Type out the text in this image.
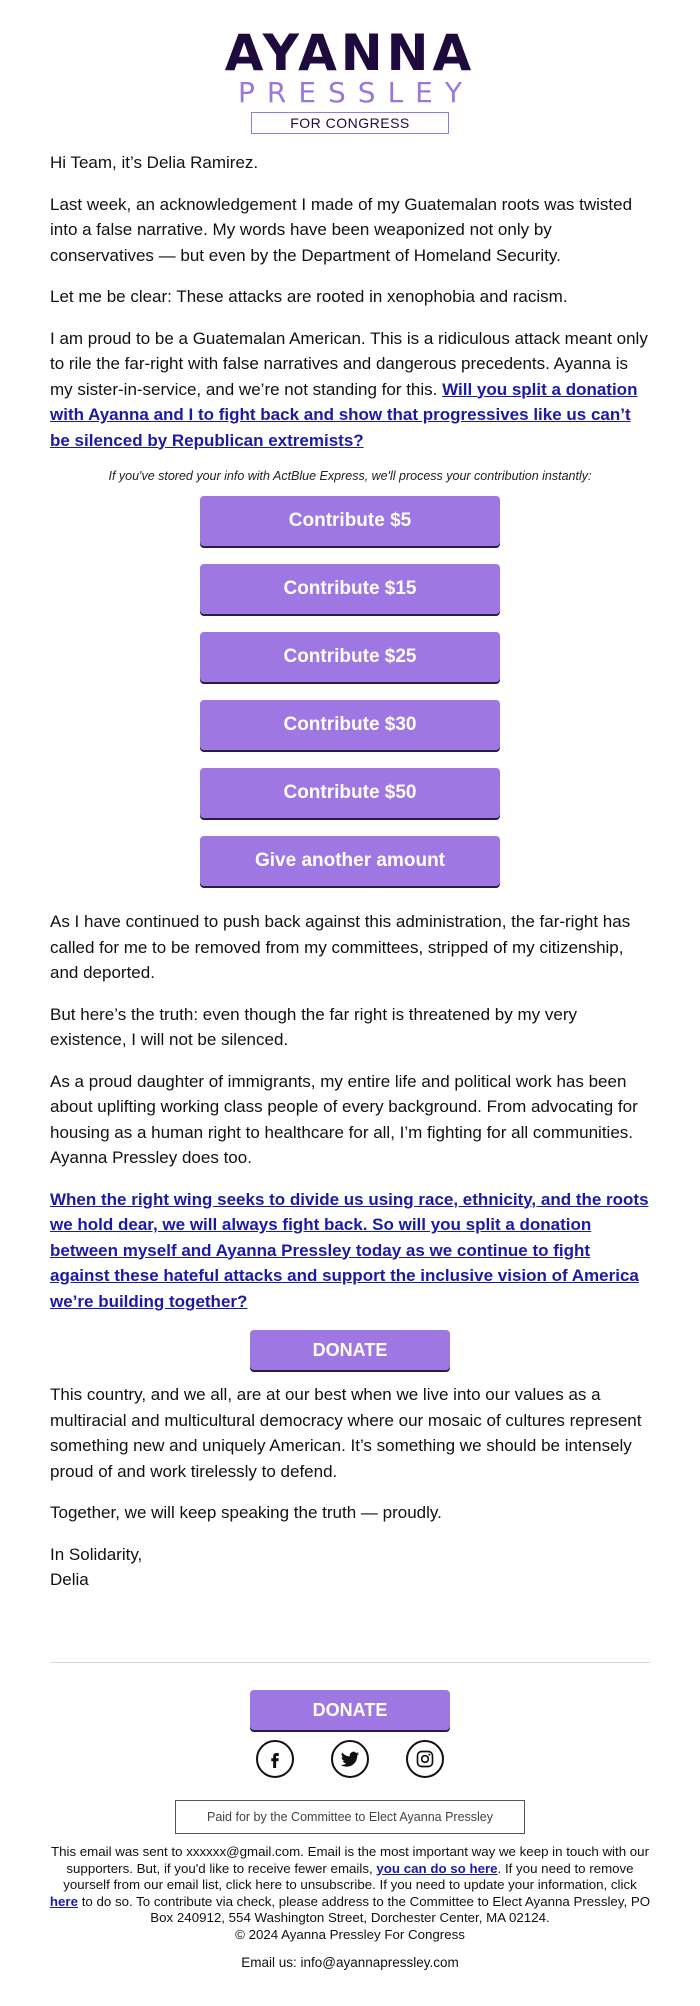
AYANNA
PRESSLEY
FOR CONGRESS

Hi Team, it’s Delia Ramirez.

Last week, an acknowledgement I made of my Guatemalan roots was twisted into a false narrative. My words have been weaponized not only by conservatives — but even by the Department of Homeland Security.

Let me be clear: These attacks are rooted in xenophobia and racism.

I am proud to be a Guatemalan American. This is a ridiculous attack meant only to rile the far-right with false narratives and dangerous precedents. Ayanna is my sister-in-service, and we’re not standing for this. Will you split a donation with Ayanna and I to fight back and show that progressives like us can’t be silenced by Republican extremists?

If you've stored your info with ActBlue Express, we'll process your contribution instantly:
Contribute $5
Contribute $15
Contribute $25
Contribute $30
Contribute $50
Give another amount

As I have continued to push back against this administration, the far-right has called for me to be removed from my committees, stripped of my citizenship, and deported.

But here’s the truth: even though the far right is threatened by my very existence, I will not be silenced.

As a proud daughter of immigrants, my entire life and political work has been about uplifting working class people of every background. From advocating for housing as a human right to healthcare for all, I’m fighting for all communities. Ayanna Pressley does too.

When the right wing seeks to divide us using race, ethnicity, and the roots we hold dear, we will always fight back. So will you split a donation between myself and Ayanna Pressley today as we continue to fight against these hateful attacks and support the inclusive vision of America we’re building together?

DONATE

This country, and we all, are at our best when we live into our values as a multiracial and multicultural democracy where our mosaic of cultures represent something new and uniquely American. It’s something we should be intensely proud of and work tirelessly to defend.

Together, we will keep speaking the truth — proudly.

In Solidarity,
Delia

DONATE
Paid for by the Committee to Elect Ayanna Pressley
This email was sent to xxxxxx@gmail.com. Email is the most important way we keep in touch with our supporters. But, if you'd like to receive fewer emails, you can do so here. If you need to remove yourself from our email list, click here to unsubscribe. If you need to update your information, click here to do so. To contribute via check, please address to the Committee to Elect Ayanna Pressley, PO Box 240912, 554 Washington Street, Dorchester Center, MA 02124.
© 2024 Ayanna Pressley For Congress
Email us: info@ayannapressley.com
